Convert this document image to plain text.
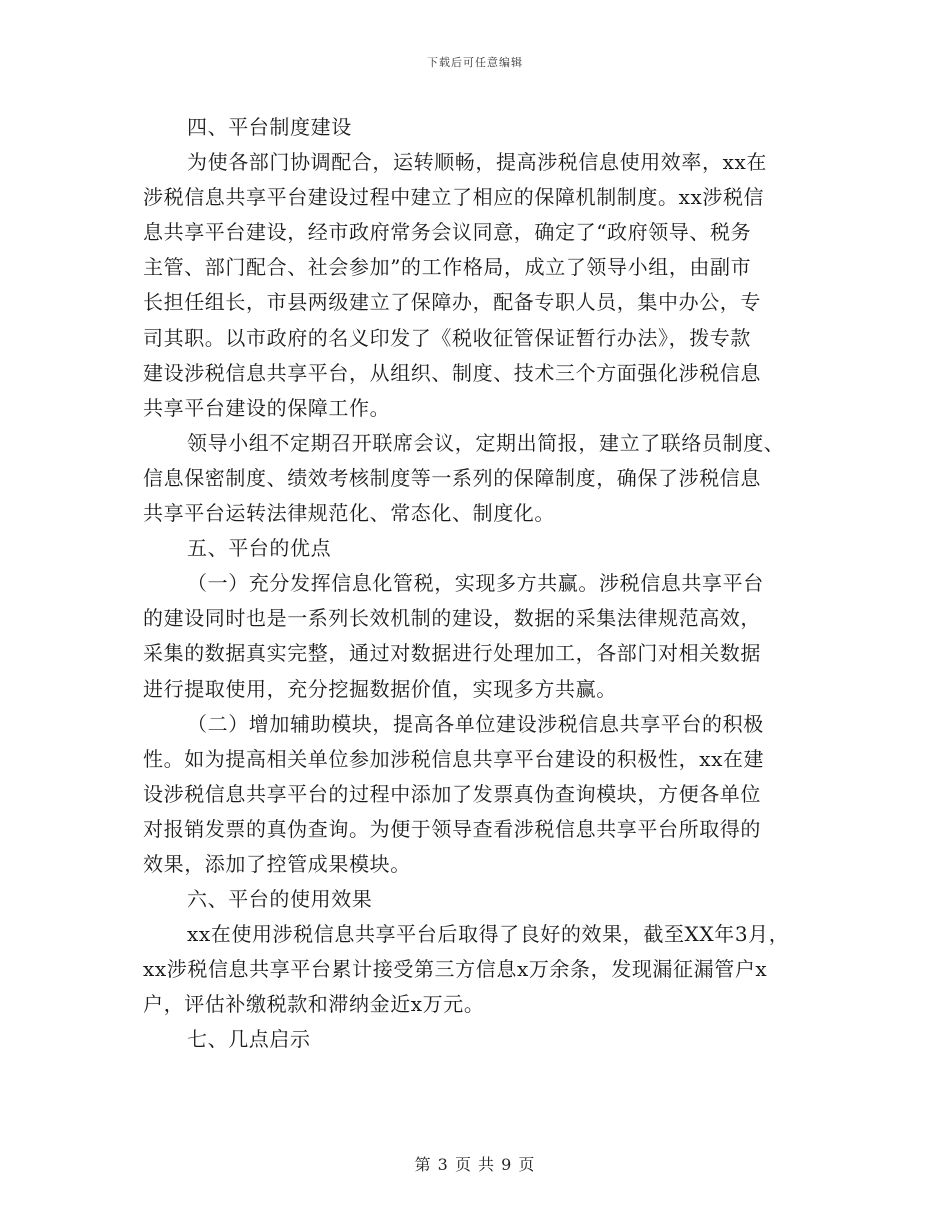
下载后可任意编辑
四、平台制度建设
为使各部门协调配合，运转顺畅，提高涉税信息使用效率，xx在
涉税信息共享平台建设过程中建立了相应的保障机制制度。xx涉税信
息共享平台建设，经市政府常务会议同意，确定了“政府领导、税务
主管、部门配合、社会参加”的工作格局，成立了领导小组，由副市
长担任组长，市县两级建立了保障办，配备专职人员，集中办公，专
司其职。以市政府的名义印发了《税收征管保证暂行办法》，拨专款
建设涉税信息共享平台，从组织、制度、技术三个方面强化涉税信息
共享平台建设的保障工作。
领导小组不定期召开联席会议，定期出简报，建立了联络员制度、
信息保密制度、绩效考核制度等一系列的保障制度，确保了涉税信息
共享平台运转法律规范化、常态化、制度化。
五、平台的优点
（一）充分发挥信息化管税，实现多方共赢。涉税信息共享平台
的建设同时也是一系列长效机制的建设，数据的采集法律规范高效，
采集的数据真实完整，通过对数据进行处理加工，各部门对相关数据
进行提取使用，充分挖掘数据价值，实现多方共赢。
（二）增加辅助模块，提高各单位建设涉税信息共享平台的积极
性。如为提高相关单位参加涉税信息共享平台建设的积极性，xx在建
设涉税信息共享平台的过程中添加了发票真伪查询模块，方便各单位
对报销发票的真伪查询。为便于领导查看涉税信息共享平台所取得的
效果，添加了控管成果模块。
六、平台的使用效果
xx在使用涉税信息共享平台后取得了良好的效果，截至XX年3月，
xx涉税信息共享平台累计接受第三方信息x万余条，发现漏征漏管户x
户，评估补缴税款和滞纳金近x万元。
七、几点启示
第 3 页 共 9 页
